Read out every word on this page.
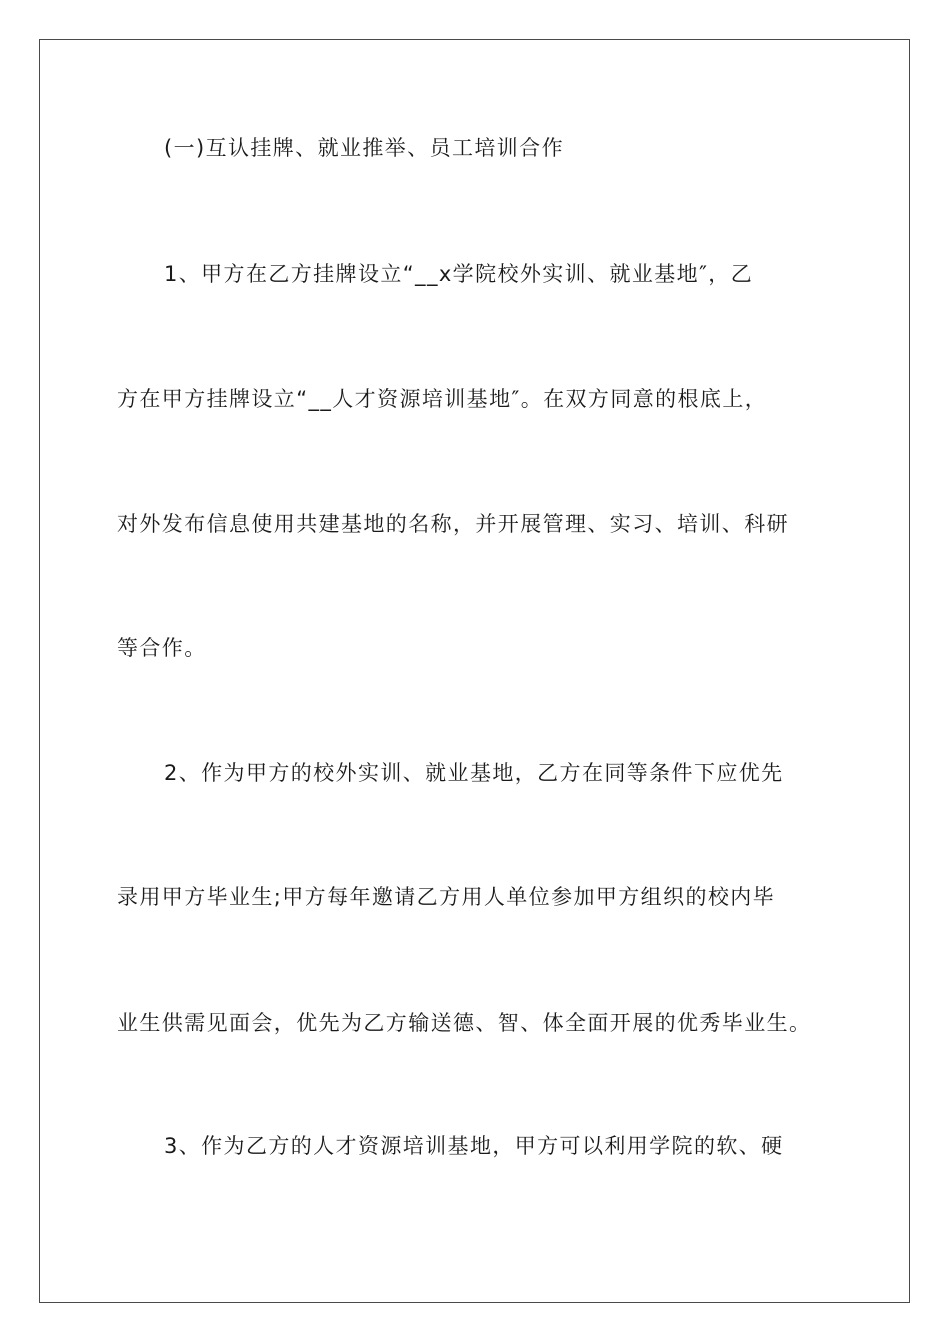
(一)互认挂牌、就业推举、员工培训合作
1、甲方在乙方挂牌设立“__x学院校外实训、就业基地″，乙
方在甲方挂牌设立“__人才资源培训基地″。在双方同意的根底上，
对外发布信息使用共建基地的名称，并开展管理、实习、培训、科研
等合作。
2、作为甲方的校外实训、就业基地，乙方在同等条件下应优先
录用甲方毕业生;甲方每年邀请乙方用人单位参加甲方组织的校内毕
业生供需见面会，优先为乙方输送德、智、体全面开展的优秀毕业生。
3、作为乙方的人才资源培训基地，甲方可以利用学院的软、硬
